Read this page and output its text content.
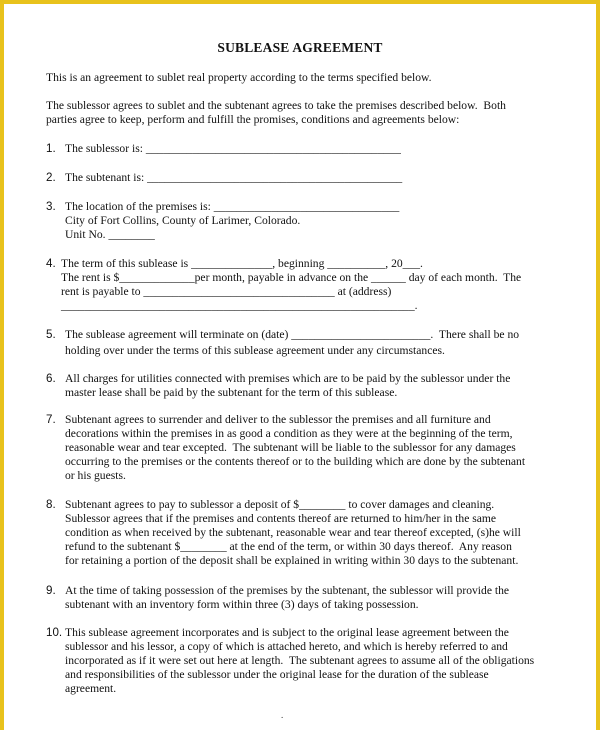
SUBLEASE AGREEMENT
This is an agreement to sublet real property according to the terms specified below.
The sublessor agrees to sublet and the subtenant agrees to take the premises described below.  Both
parties agree to keep, perform and fulfill the promises, conditions and agreements below:
1. The sublessor is: ____________________________________________
2. The subtenant is: ____________________________________________
3. The location of the premises is: ________________________________
City of Fort Collins, County of Larimer, Colorado.
Unit No. ________
4. The term of this sublease is ______________, beginning __________, 20___.
The rent is $_____________per month, payable in advance on the ______ day of each month.  The
rent is payable to _________________________________ at (address)
_____________________________________________________________.
5. The sublease agreement will terminate on (date) ________________________.  There shall be no
holding over under the terms of this sublease agreement under any circumstances.
6. All charges for utilities connected with premises which are to be paid by the sublessor under the
master lease shall be paid by the subtenant for the term of this sublease.
7. Subtenant agrees to surrender and deliver to the sublessor the premises and all furniture and
decorations within the premises in as good a condition as they were at the beginning of the term,
reasonable wear and tear excepted.  The subtenant will be liable to the sublessor for any damages
occurring to the premises or the contents thereof or to the building which are done by the subtenant
or his guests.
8. Subtenant agrees to pay to sublessor a deposit of $________ to cover damages and cleaning.
Sublessor agrees that if the premises and contents thereof are returned to him/her in the same
condition as when received by the subtenant, reasonable wear and tear thereof excepted, (s)he will
refund to the subtenant $________ at the end of the term, or within 30 days thereof.  Any reason
for retaining a portion of the deposit shall be explained in writing within 30 days to the subtenant.
9. At the time of taking possession of the premises by the subtenant, the sublessor will provide the
subtenant with an inventory form within three (3) days of taking possession.
10. This sublease agreement incorporates and is subject to the original lease agreement between the
sublessor and his lessor, a copy of which is attached hereto, and which is hereby referred to and
incorporated as if it were set out here at length.  The subtenant agrees to assume all of the obligations
and responsibilities of the sublessor under the original lease for the duration of the sublease
agreement.
.
